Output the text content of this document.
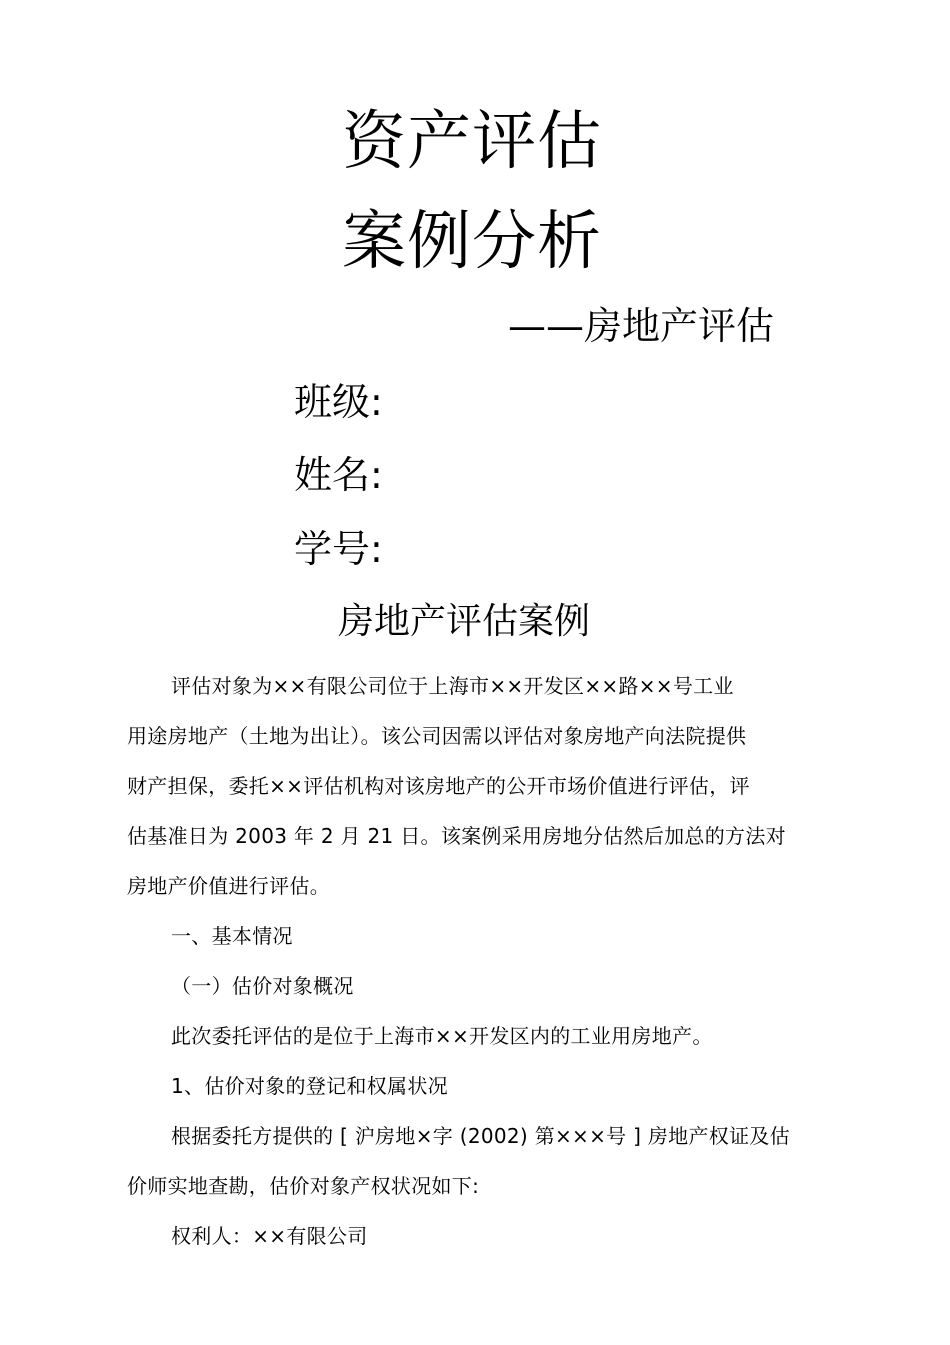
资产评估
案例分析
——房地产评估
班级:
姓名:
学号:
房地产评估案例
评估对象为××有限公司位于上海市××开发区××路××号工业
用途房地产（土地为出让）。该公司因需以评估对象房地产向法院提供
财产担保，委托××评估机构对该房地产的公开市场价值进行评估，评
估基准日为 2003 年 2 月 21 日。该案例采用房地分估然后加总的方法对
房地产价值进行评估。
一、基本情况
（一）估价对象概况
此次委托评估的是位于上海市××开发区内的工业用房地产。
1、估价对象的登记和权属状况
根据委托方提供的 [ 沪房地×字 (2002) 第×××号 ] 房地产权证及估
价师实地查勘，估价对象产权状况如下:
权利人：××有限公司
